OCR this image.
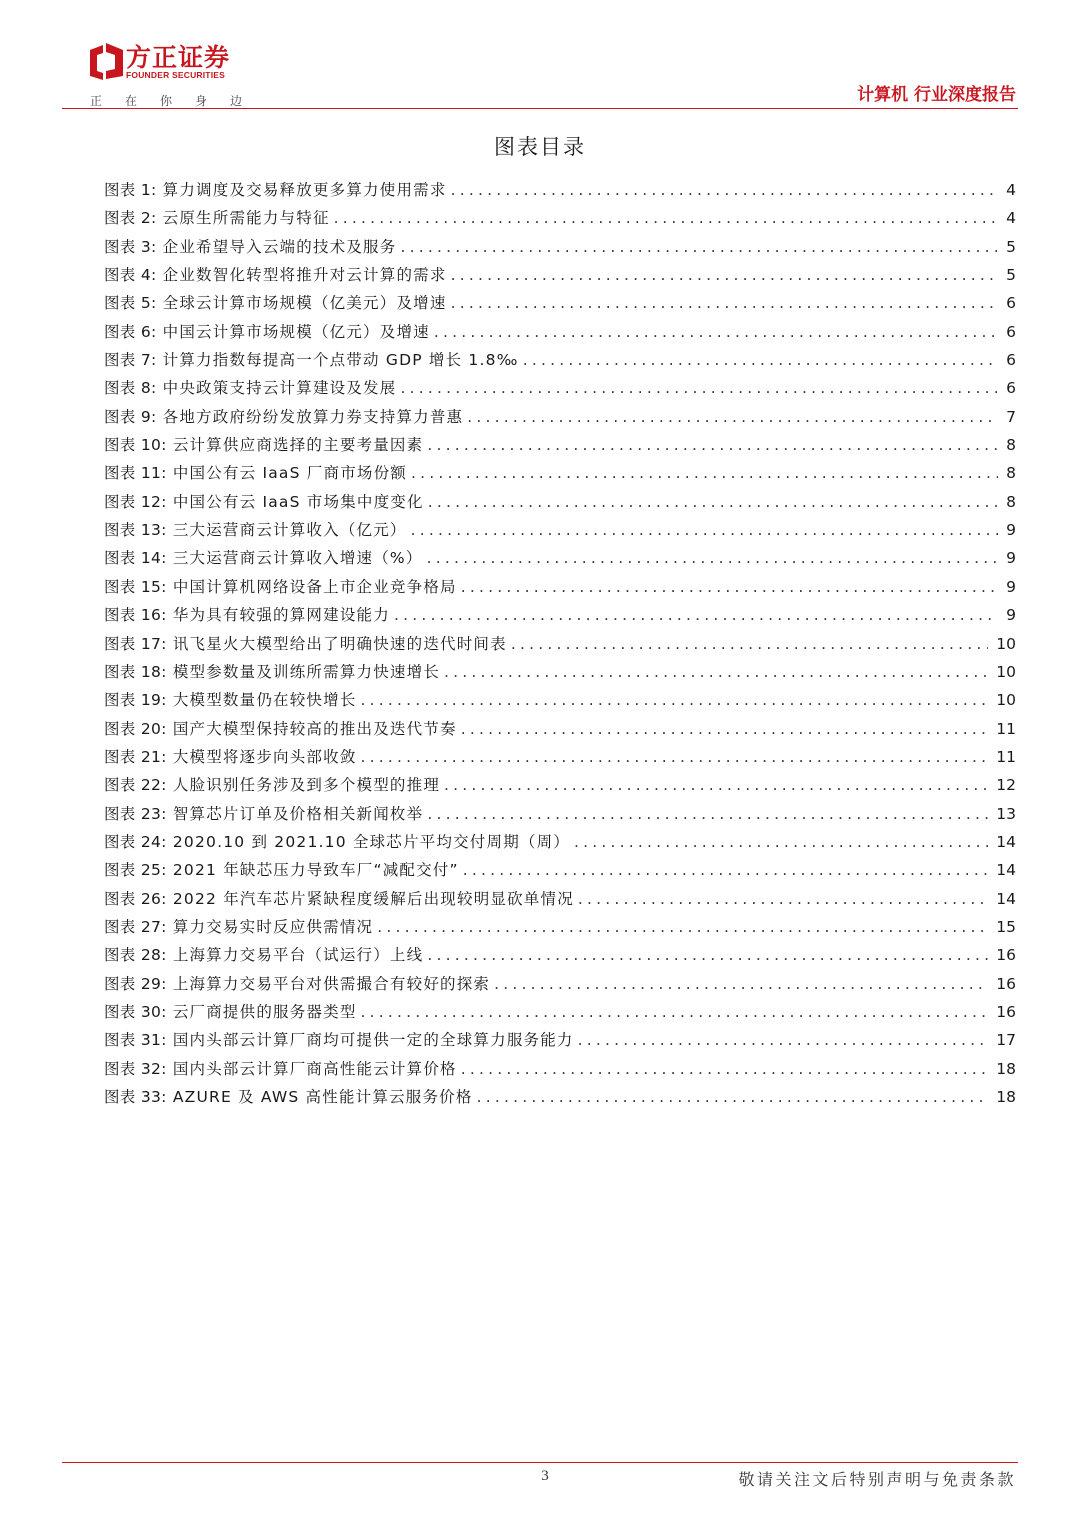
方正证券
FOUNDER SECURITIES
正在你身边	计算机 行业深度报告
图表目录
图表 1: 算力调度及交易释放更多算力使用需求 .....	4
图表 2: 云原生所需能力与特征 .....	4
图表 3: 企业希望导入云端的技术及服务 .....	5
图表 4: 企业数智化转型将推升对云计算的需求 .....	5
图表 5: 全球云计算市场规模（亿美元）及增速 .....	6
图表 6: 中国云计算市场规模（亿元）及增速 .....	6
图表 7: 计算力指数每提高一个点带动 GDP 增长 1.8‰ .....	6
图表 8: 中央政策支持云计算建设及发展 .....	6
图表 9: 各地方政府纷纷发放算力券支持算力普惠 .....	7
图表 10: 云计算供应商选择的主要考量因素 .....	8
图表 11: 中国公有云 IaaS 厂商市场份额 .....	8
图表 12: 中国公有云 IaaS 市场集中度变化 .....	8
图表 13: 三大运营商云计算收入（亿元） .....	9
图表 14: 三大运营商云计算收入增速（%） .....	9
图表 15: 中国计算机网络设备上市企业竞争格局 .....	9
图表 16: 华为具有较强的算网建设能力 .....	9
图表 17: 讯飞星火大模型给出了明确快速的迭代时间表 .....	10
图表 18: 模型参数量及训练所需算力快速增长 .....	10
图表 19: 大模型数量仍在较快增长 .....	10
图表 20: 国产大模型保持较高的推出及迭代节奏 .....	11
图表 21: 大模型将逐步向头部收敛 .....	11
图表 22: 人脸识别任务涉及到多个模型的推理 .....	12
图表 23: 智算芯片订单及价格相关新闻枚举 .....	13
图表 24: 2020.10 到 2021.10 全球芯片平均交付周期（周） .....	14
图表 25: 2021 年缺芯压力导致车厂“减配交付” .....	14
图表 26: 2022 年汽车芯片紧缺程度缓解后出现较明显砍单情况 .....	14
图表 27: 算力交易实时反应供需情况 .....	15
图表 28: 上海算力交易平台（试运行）上线 .....	16
图表 29: 上海算力交易平台对供需撮合有较好的探索 .....	16
图表 30: 云厂商提供的服务器类型 .....	16
图表 31: 国内头部云计算厂商均可提供一定的全球算力服务能力 .....	17
图表 32: 国内头部云计算厂商高性能云计算价格 .....	18
图表 33: AZURE 及 AWS 高性能计算云服务价格 .....	18
3	敬请关注文后特别声明与免责条款
